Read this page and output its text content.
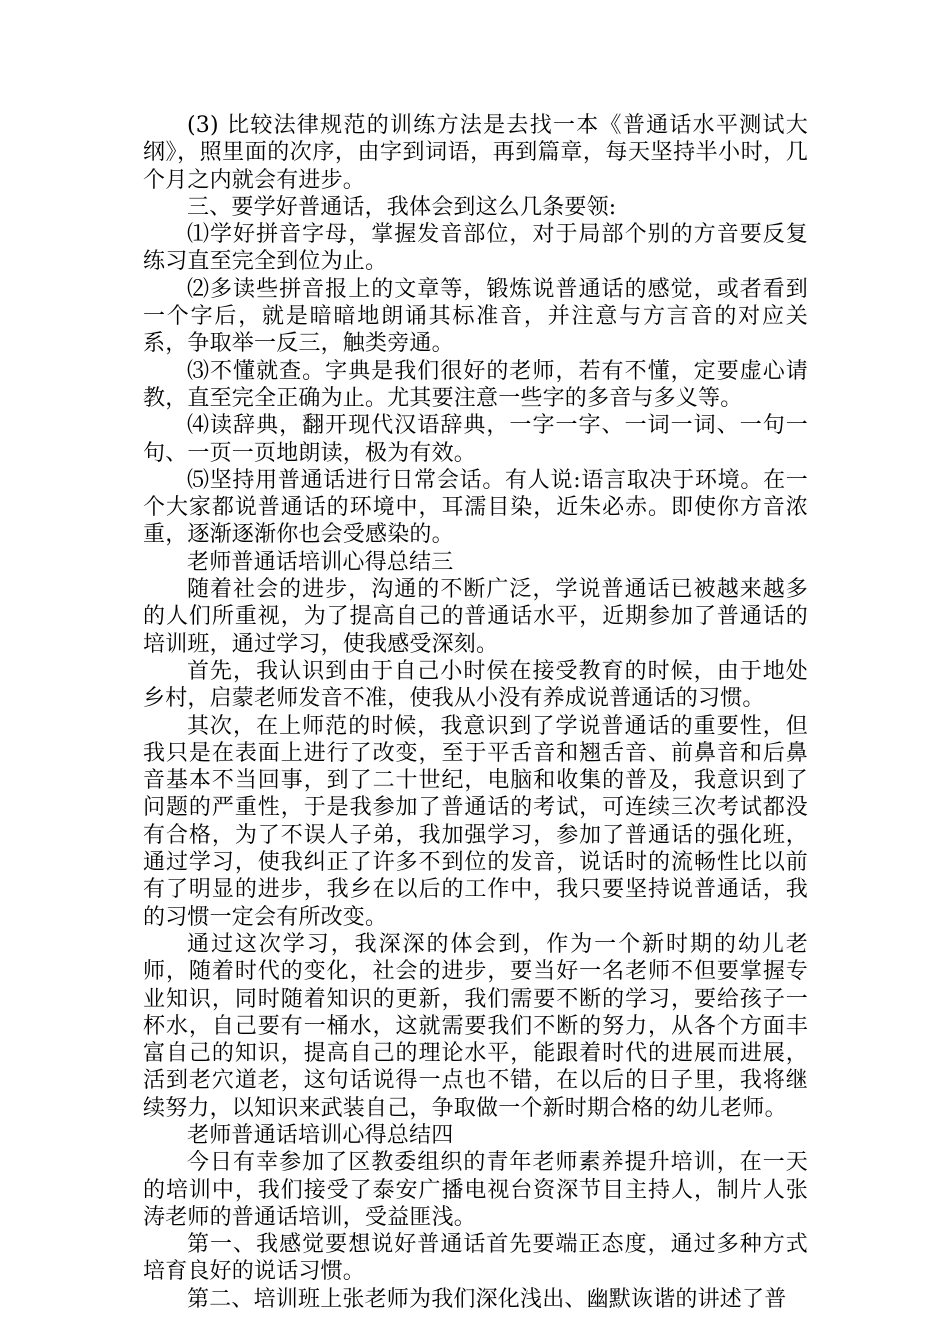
(3) 比较法律规范的训练方法是去找一本《普通话水平测试大纲》，照里面的次序，由字到词语，再到篇章，每天坚持半小时，几个月之内就会有进步。

三、要学好普通话，我体会到这么几条要领:

⑴学好拼音字母，掌握发音部位，对于局部个别的方音要反复练习直至完全到位为止。

⑵多读些拼音报上的文章等，锻炼说普通话的感觉，或者看到一个字后，就是暗暗地朗诵其标准音，并注意与方言音的对应关系，争取举一反三，触类旁通。

⑶不懂就查。字典是我们很好的老师，若有不懂，定要虚心请教，直至完全正确为止。尤其要注意一些字的多音与多义等。

⑷读辞典，翻开现代汉语辞典，一字一字、一词一词、一句一句、一页一页地朗读，极为有效。

⑸坚持用普通话进行日常会话。有人说:语言取决于环境。在一个大家都说普通话的环境中，耳濡目染，近朱必赤。即使你方音浓重，逐渐逐渐你也会受感染的。

老师普通话培训心得总结三

随着社会的进步，沟通的不断广泛，学说普通话已被越来越多的人们所重视，为了提高自己的普通话水平，近期参加了普通话的培训班，通过学习，使我感受深刻。

首先，我认识到由于自己小时侯在接受教育的时候，由于地处乡村，启蒙老师发音不准，使我从小没有养成说普通话的习惯。

其次，在上师范的时候，我意识到了学说普通话的重要性，但我只是在表面上进行了改变，至于平舌音和翘舌音、前鼻音和后鼻音基本不当回事，到了二十世纪，电脑和收集的普及，我意识到了问题的严重性，于是我参加了普通话的考试，可连续三次考试都没有合格，为了不误人子弟，我加强学习，参加了普通话的强化班，通过学习，使我纠正了许多不到位的发音，说话时的流畅性比以前有了明显的进步，我乡在以后的工作中，我只要坚持说普通话，我的习惯一定会有所改变。

通过这次学习，我深深的体会到，作为一个新时期的幼儿老师，随着时代的变化，社会的进步，要当好一名老师不但要掌握专业知识，同时随着知识的更新，我们需要不断的学习，要给孩子一杯水，自己要有一桶水，这就需要我们不断的努力，从各个方面丰富自己的知识，提高自己的理论水平，能跟着时代的进展而进展，活到老穴道老，这句话说得一点也不错，在以后的日子里，我将继续努力，以知识来武装自己，争取做一个新时期合格的幼儿老师。

老师普通话培训心得总结四

今日有幸参加了区教委组织的青年老师素养提升培训，在一天的培训中，我们接受了泰安广播电视台资深节目主持人，制片人张涛老师的普通话培训，受益匪浅。

第一、我感觉要想说好普通话首先要端正态度，通过多种方式培育良好的说话习惯。

第二、培训班上张老师为我们深化浅出、幽默诙谐的讲述了普
